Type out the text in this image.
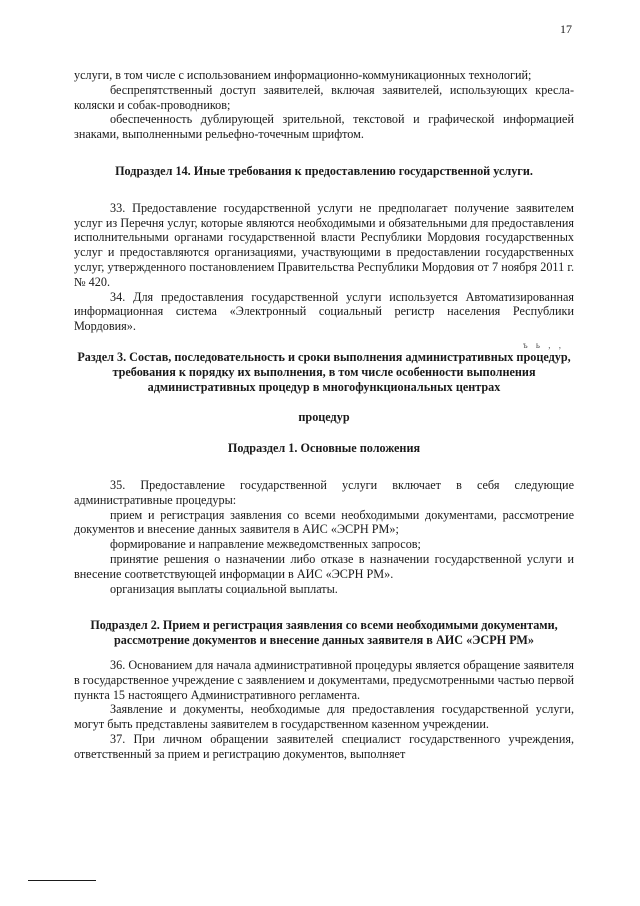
17

услуги, в том числе с использованием информационно-коммуникационных технологий;

беспрепятственный доступ заявителей, включая заявителей, использующих кресла-коляски и собак-проводников;

обеспеченность дублирующей зрительной, текстовой и графической информацией знаками, выполненными рельефно-точечным шрифтом.

Подраздел 14. Иные требования к предоставлению государственной услуги.

33. Предоставление государственной услуги не предполагает получение заявителем услуг из Перечня услуг, которые являются необходимыми и обязательными для предоставления исполнительными органами государственной власти Республики Мордовия государственных услуг и предоставляются организациями, участвующими в предоставлении государственных услуг, утвержденного постановлением Правительства Республики Мордовия от 7 ноября 2011 г. № 420.

34. Для предоставления государственной услуги используется Автоматизированная информационная система «Электронный социальный регистр населения Республики Мордовия».

ъ ь , ,

Раздел 3. Состав, последовательность и сроки выполнения административных процедур, требования к порядку их выполнения, в том числе особенности выполнения административных процедур в многофункциональных центрах

процедур

Подраздел 1. Основные положения

35. Предоставление государственной услуги включает в себя следующие административные процедуры:

прием и регистрация заявления со всеми необходимыми документами, рассмотрение документов и внесение данных заявителя в АИС «ЭСРН РМ»;

формирование и направление межведомственных запросов;

принятие решения о назначении либо отказе в назначении государственной услуги и внесение соответствующей информации в АИС «ЭСРН РМ».

организация выплаты социальной выплаты.

Подраздел 2. Прием и регистрация заявления со всеми необходимыми документами, рассмотрение документов и внесение данных заявителя в АИС «ЭСРН РМ»

36. Основанием для начала административной процедуры является обращение заявителя в государственное учреждение с заявлением и документами, предусмотренными частью первой пункта 15 настоящего Административного регламента.

Заявление и документы, необходимые для предоставления государственной услуги, могут быть представлены заявителем в государственном казенном учреждении.

37. При личном обращении заявителей специалист государственного учреждения, ответственный за прием и регистрацию документов, выполняет
